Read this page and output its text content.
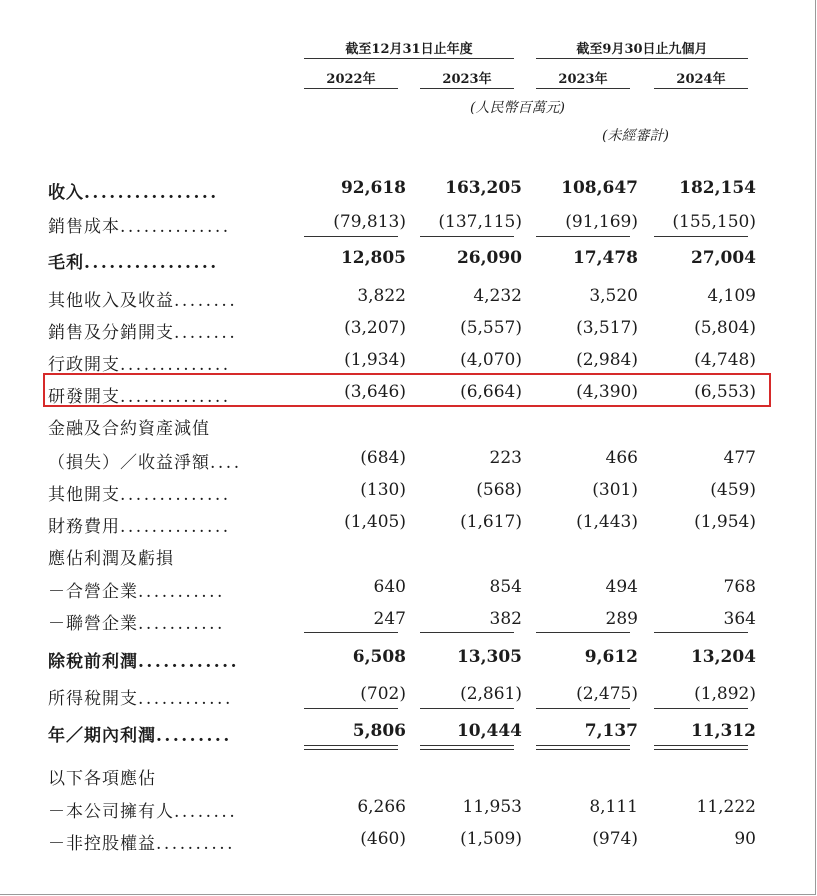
截至12月31日止年度	截至9月30日止九個月
2022年	2023年	2023年	2024年
(人民幣百萬元)
(未經審計)
收入................	92,618	163,205	108,647	182,154
銷售成本..............	(79,813)	(137,115)	(91,169)	(155,150)
毛利................	12,805	26,090	17,478	27,004
其他收入及收益........	3,822	4,232	3,520	4,109
銷售及分銷開支........	(3,207)	(5,557)	(3,517)	(5,804)
行政開支..............	(1,934)	(4,070)	(2,984)	(4,748)
研發開支..............	(3,646)	(6,664)	(4,390)	(6,553)
金融及合約資產減值
（損失）／收益淨額....	(684)	223	466	477
其他開支..............	(130)	(568)	(301)	(459)
財務費用..............	(1,405)	(1,617)	(1,443)	(1,954)
應佔利潤及虧損
－合營企業...........	640	854	494	768
－聯營企業...........	247	382	289	364
除稅前利潤............	6,508	13,305	9,612	13,204
所得稅開支............	(702)	(2,861)	(2,475)	(1,892)
年／期內利潤.........	5,806	10,444	7,137	11,312
以下各項應佔
－本公司擁有人........	6,266	11,953	8,111	11,222
－非控股權益..........	(460)	(1,509)	(974)	90
